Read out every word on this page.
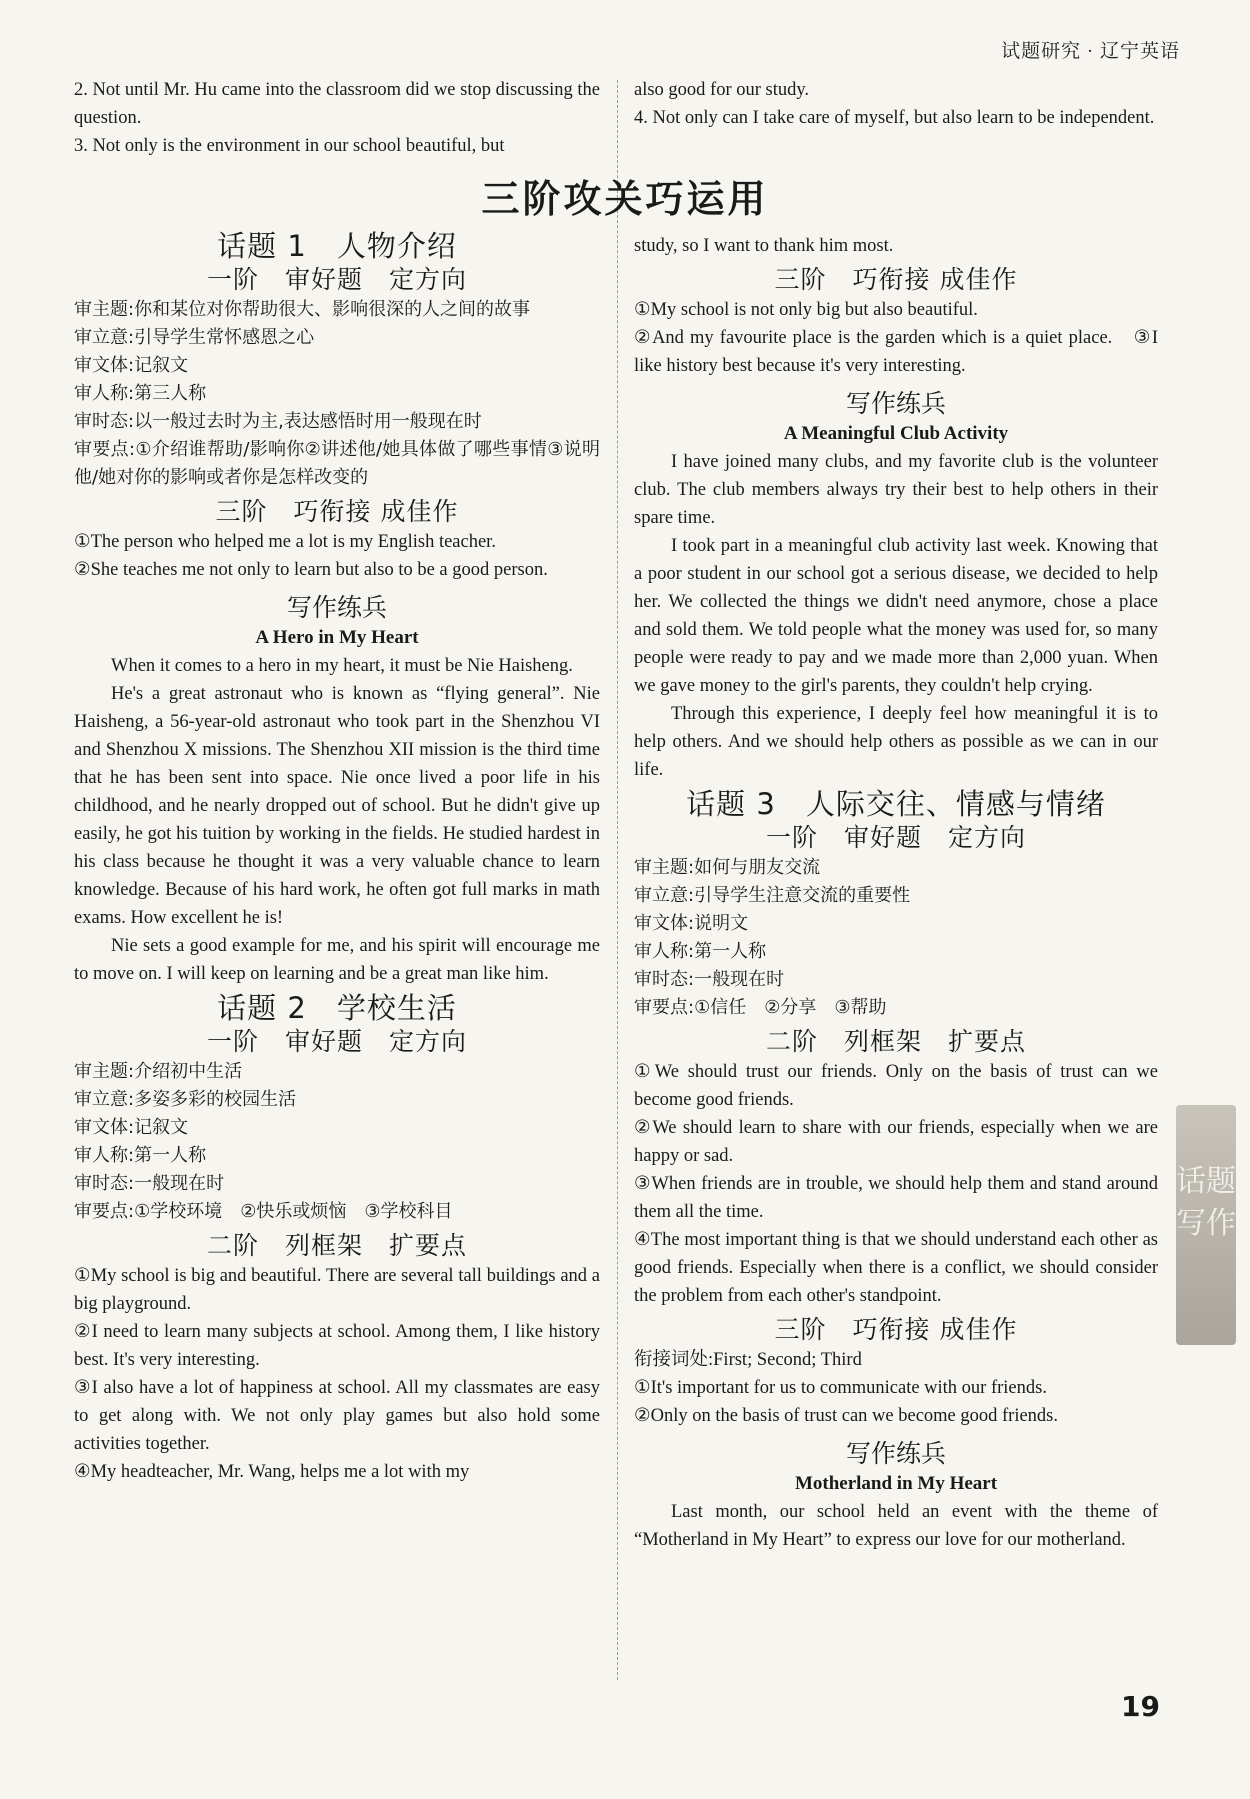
试题研究 · 辽宁英语

2. Not until Mr. Hu came into the classroom did we stop discussing the question.

3. Not only is the environment in our school beautiful, but

also good for our study.

4. Not only can I take care of myself, but also learn to be independent.

三阶攻关巧运用
话题 1　人物介绍
一阶　审好题　定方向

审主题:你和某位对你帮助很大、影响很深的人之间的故事

审立意:引导学生常怀感恩之心

审文体:记叙文

审人称:第三人称

审时态:以一般过去时为主,表达感悟时用一般现在时

审要点:①介绍谁帮助/影响你②讲述他/她具体做了哪些事情③说明他/她对你的影响或者你是怎样改变的

三阶　巧衔接 成佳作

①The person who helped me a lot is my English teacher.

②She teaches me not only to learn but also to be a good person.

写作练兵
A Hero in My Heart

When it comes to a hero in my heart, it must be Nie Haisheng.

He's a great astronaut who is known as “flying general”. Nie Haisheng, a 56-year-old astronaut who took part in the Shenzhou VI and Shenzhou X missions. The Shenzhou XII mission is the third time that he has been sent into space. Nie once lived a poor life in his childhood, and he nearly dropped out of school. But he didn't give up easily, he got his tuition by working in the fields. He studied hardest in his class because he thought it was a very valuable chance to learn knowledge. Because of his hard work, he often got full marks in math exams. How excellent he is!

Nie sets a good example for me, and his spirit will encourage me to move on. I will keep on learning and be a great man like him.

话题 2　学校生活
一阶　审好题　定方向

审主题:介绍初中生活

审立意:多姿多彩的校园生活

审文体:记叙文

审人称:第一人称

审时态:一般现在时

审要点:①学校环境　②快乐或烦恼　③学校科目

二阶　列框架　扩要点

①My school is big and beautiful. There are several tall buildings and a big playground.

②I need to learn many subjects at school. Among them, I like history best. It's very interesting.

③I also have a lot of happiness at school. All my classmates are easy to get along with. We not only play games but also hold some activities together.

④My headteacher, Mr. Wang, helps me a lot with my

study, so I want to thank him most.

三阶　巧衔接 成佳作

①My school is not only big but also beautiful.

②And my favourite place is the garden which is a quiet place.　③I like history best because it's very interesting.

写作练兵
A Meaningful Club Activity

I have joined many clubs, and my favorite club is the volunteer club. The club members always try their best to help others in their spare time.

I took part in a meaningful club activity last week. Knowing that a poor student in our school got a serious disease, we decided to help her. We collected the things we didn't need anymore, chose a place and sold them. We told people what the money was used for, so many people were ready to pay and we made more than 2,000 yuan. When we gave money to the girl's parents, they couldn't help crying.

Through this experience, I deeply feel how meaningful it is to help others. And we should help others as possible as we can in our life.

话题 3　人际交往、情感与情绪
一阶　审好题　定方向

审主题:如何与朋友交流

审立意:引导学生注意交流的重要性

审文体:说明文

审人称:第一人称

审时态:一般现在时

审要点:①信任　②分享　③帮助

二阶　列框架　扩要点

①We should trust our friends. Only on the basis of trust can we become good friends.

②We should learn to share with our friends, especially when we are happy or sad.

③When friends are in trouble, we should help them and stand around them all the time.

④The most important thing is that we should understand each other as good friends. Especially when there is a conflict, we should consider the problem from each other's standpoint.

三阶　巧衔接 成佳作

衔接词处:First; Second; Third

①It's important for us to communicate with our friends.

②Only on the basis of trust can we become good friends.

写作练兵
Motherland in My Heart

Last month, our school held an event with the theme of “Motherland in My Heart” to express our love for our motherland.

话题写作
19
